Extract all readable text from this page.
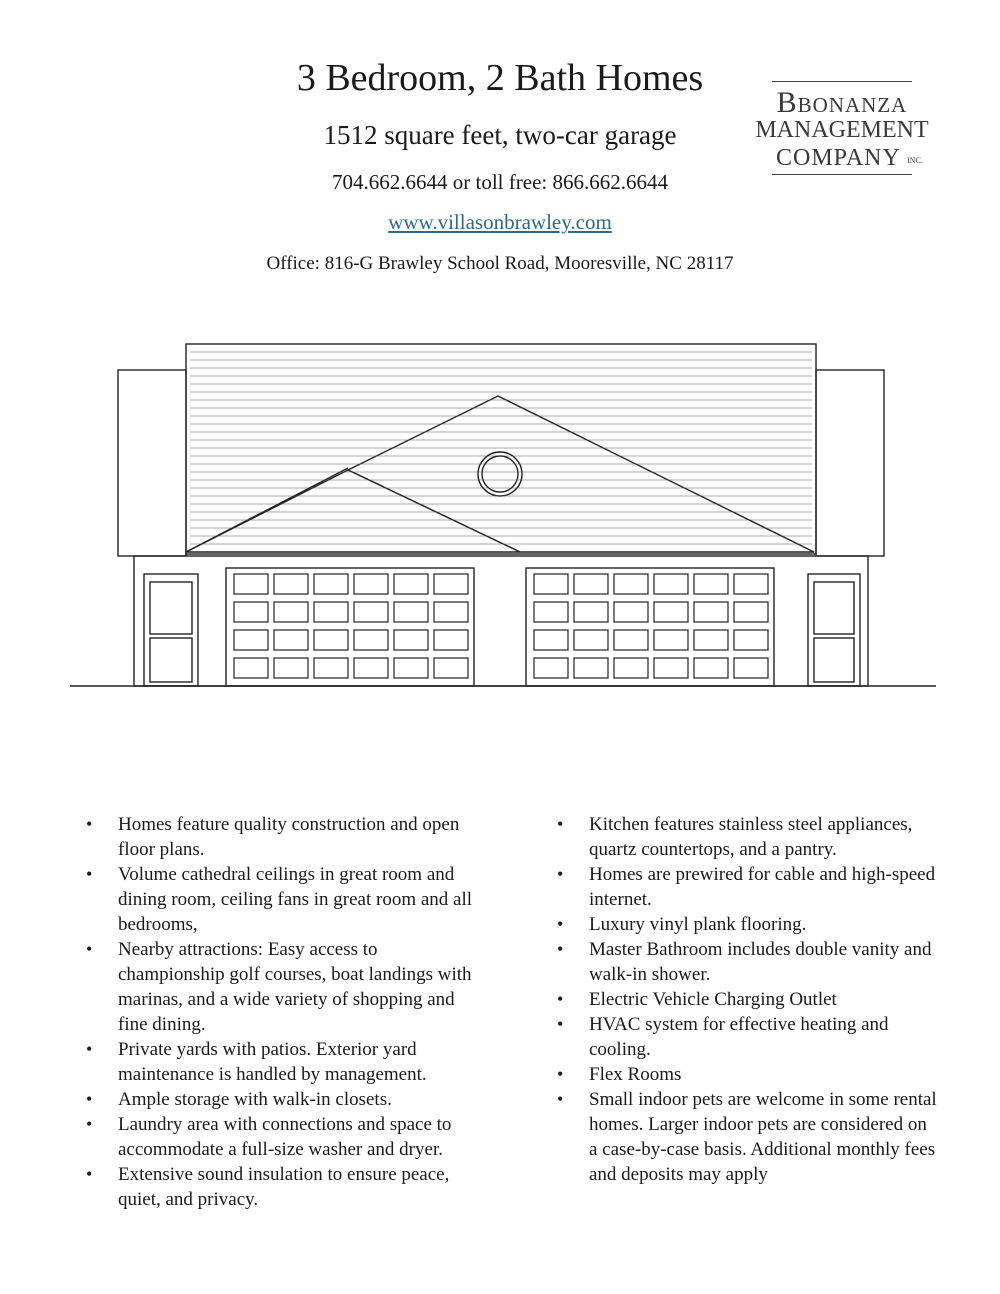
3 Bedroom, 2 Bath Homes
1512 square feet, two-car garage
704.662.6644 or toll free: 866.662.6644
www.villasonbrawley.com
Office: 816-G Brawley School Road, Mooresville, NC 28117
BBONANZA
MANAGEMENT
COMPANY INC.
• Homes feature quality construction and open floor plans.
• Volume cathedral ceilings in great room and dining room, ceiling fans in great room and all bedrooms,
• Nearby attractions: Easy access to championship golf courses, boat landings with marinas, and a wide variety of shopping and fine dining.
• Private yards with patios. Exterior yard maintenance is handled by management.
• Ample storage with walk-in closets.
• Laundry area with connections and space to accommodate a full-size washer and dryer.
• Extensive sound insulation to ensure peace, quiet, and privacy.
• Kitchen features stainless steel appliances, quartz countertops, and a pantry.
• Homes are prewired for cable and high-speed internet.
• Luxury vinyl plank flooring.
• Master Bathroom includes double vanity and walk-in shower.
• Electric Vehicle Charging Outlet
• HVAC system for effective heating and cooling.
• Flex Rooms
• Small indoor pets are welcome in some rental homes. Larger indoor pets are considered on a case-by-case basis. Additional monthly fees and deposits may apply
